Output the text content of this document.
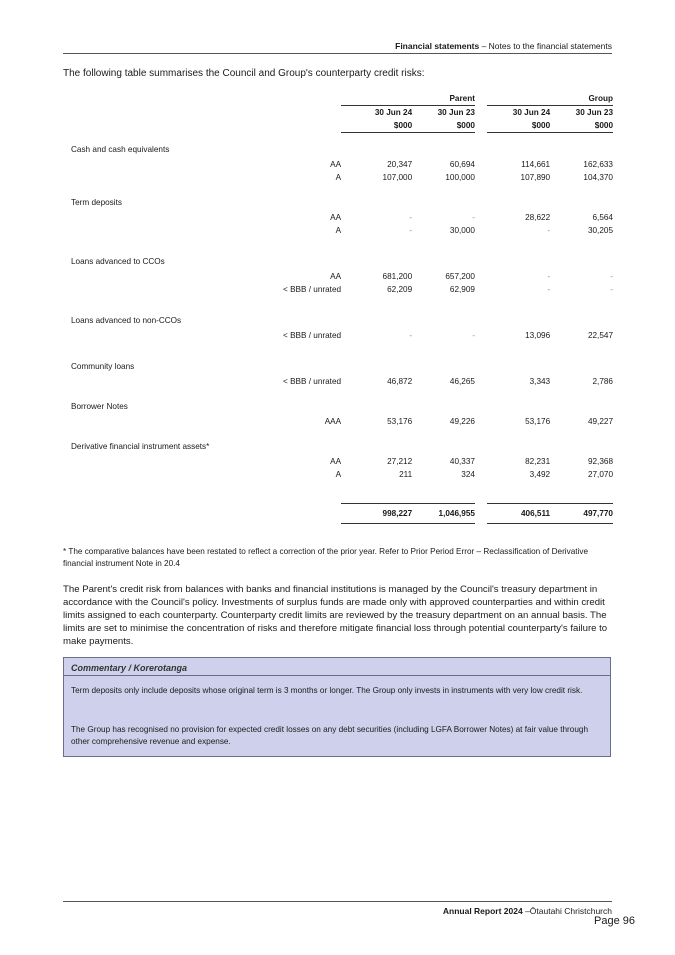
Financial statements – Notes to the financial statements
The following table summarises the Council and Group's counterparty credit risks:
			Parent			Group
		30 Jun 24	30 Jun 23		30 Jun 24	30 Jun 23
		$000	$000		$000	$000

Cash and cash equivalents						

	AA	20,347	60,694		114,661	162,633
	A	107,000	100,000		107,890	104,370

Term deposits						

	AA	-	-		28,622	6,564
	A	-	30,000		-	30,205

Loans advanced to CCOs						

	AA	681,200	657,200		-	-
	< BBB / unrated	62,209	62,909		-	-

Loans advanced to non-CCOs						

	< BBB / unrated	-	-		13,096	22,547

Community loans						

	< BBB / unrated	46,872	46,265		3,343	2,786

Borrower Notes						

	AAA	53,176	49,226		53,176	49,227

Derivative financial instrument assets*						

	AA	27,212	40,337		82,231	92,368
	A	211	324		3,492	27,070

		998,227	1,046,955		406,511	497,770
* The comparative balances have been restated to reflect a correction of the prior year. Refer to Prior Period Error – Reclassification of Derivative financial instrument Note in 20.4
The Parent's credit risk from balances with banks and financial institutions is managed by the Council's treasury department in accordance with the Council's policy. Investments of surplus funds are made only with approved counterparties and within credit limits assigned to each counterparty. Counterparty credit limits are reviewed by the treasury department on an annual basis. The limits are set to minimise the concentration of risks and therefore mitigate financial loss through potential counterparty's failure to make payments.
Commentary / Korerotanga
Term deposits only include deposits whose original term is 3 months or longer. The Group only invests in instruments with very low credit risk.
The Group has recognised no provision for expected credit losses on any debt securities (including LGFA Borrower Notes) at fair value through other comprehensive revenue and expense.
Annual Report 2024 –Ōtautahi Christchurch
Page 96
